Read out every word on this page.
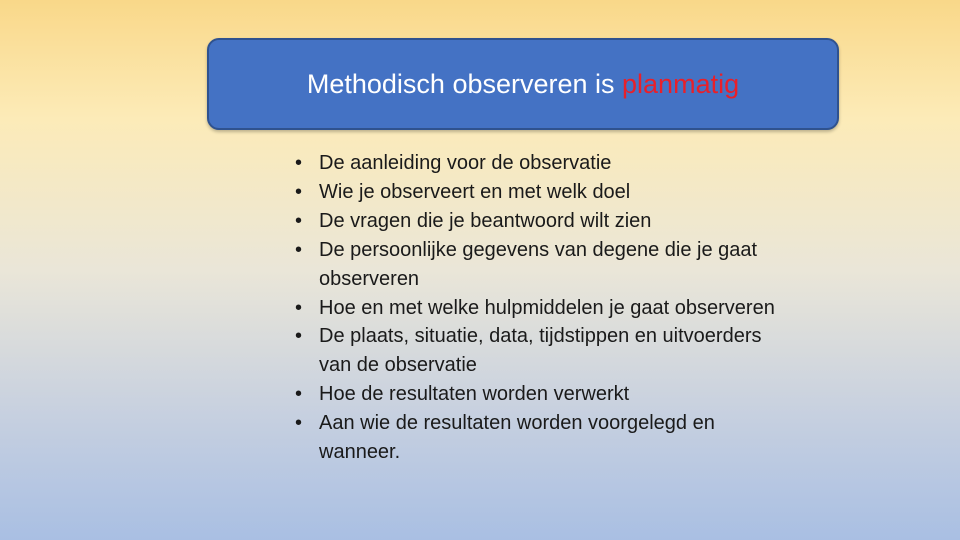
Methodisch observeren is planmatig
• De aanleiding voor de observatie
• Wie je observeert en met welk doel
• De vragen die je beantwoord wilt zien
• De persoonlijke gegevens van degene die je gaat observeren
• Hoe en met welke hulpmiddelen je gaat observeren
• De plaats, situatie, data, tijdstippen en uitvoerders van de observatie
• Hoe de resultaten worden verwerkt
• Aan wie de resultaten worden voorgelegd en wanneer.
